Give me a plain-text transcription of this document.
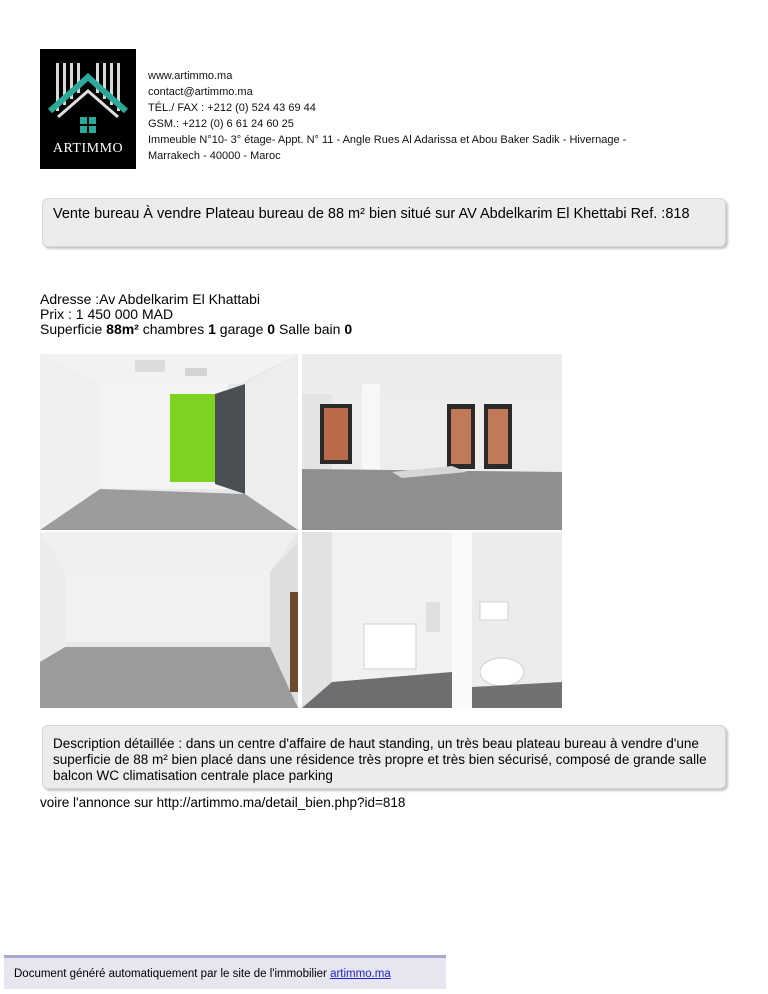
ARTIMMO
www.artimmo.ma
contact@artimmo.ma
TÉL./ FAX : +212 (0) 524 43 69 44
GSM.: +212 (0) 6 61 24 60 25
Immeuble N°10- 3° étage- Appt. N° 11 - Angle Rues Al Adarissa et Abou Baker Sadik - Hivernage -
Marrakech - 40000 - Maroc
Vente bureau À vendre Plateau bureau de 88 m² bien situé sur AV Abdelkarim El Khettabi Ref. :818
Adresse :Av Abdelkarim El Khattabi
Prix : 1 450 000 MAD
Superficie 88m² chambres 1 garage 0 Salle bain 0
Description détaillée : dans un centre d'affaire de haut standing, un très beau plateau bureau à vendre d'une superficie de 88 m² bien placé dans une résidence très propre et très bien sécurisé, composé de grande salle balcon WC climatisation centrale place parking
voire l'annonce sur http://artimmo.ma/detail_bien.php?id=818
Document généré automatiquement par le site de l'immobilier artimmo.ma
